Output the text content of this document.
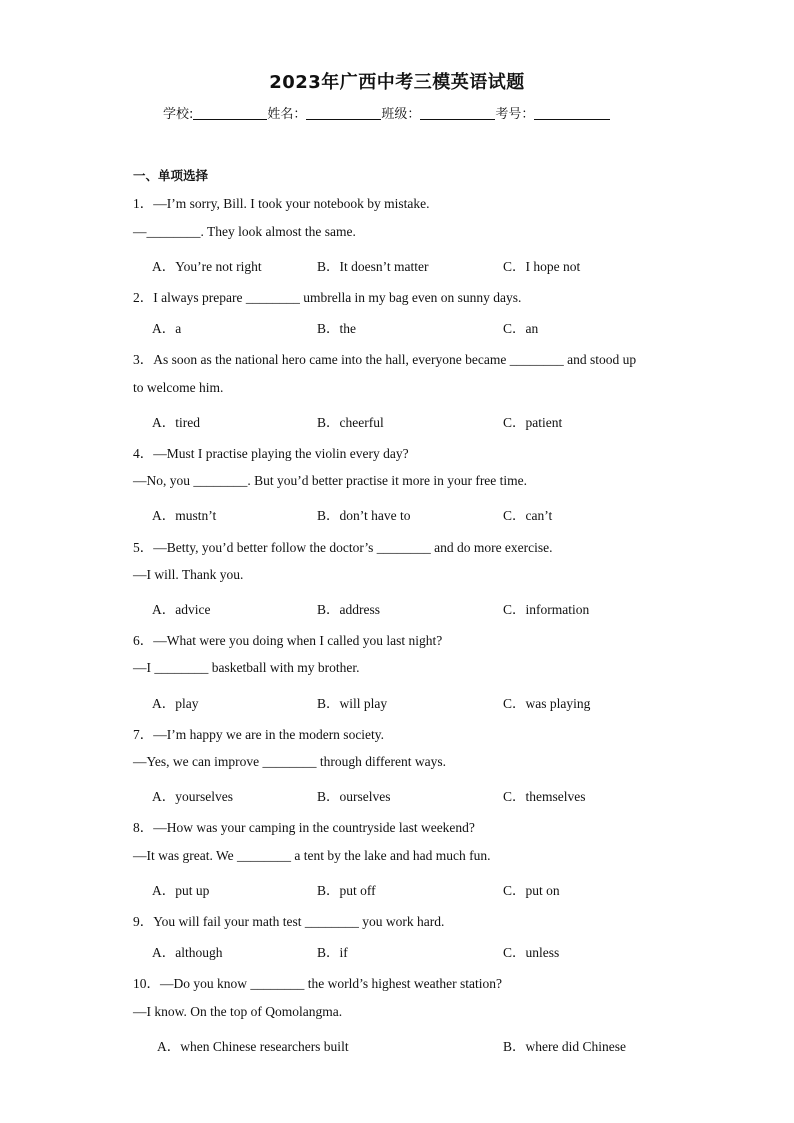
2023年广西中考三模英语试题
学校:	姓名：	班级：	考号：
一、单项选择
1．—I’m sorry, Bill. I took your notebook by mistake.
—________. They look almost the same.
A．You’re not right	B．It doesn’t matter	C．I hope not
2．I always prepare ________ umbrella in my bag even on sunny days.
A．a	B．the	C．an
3．As soon as the national hero came into the hall, everyone became ________ and stood up
to welcome him.
A．tired	B．cheerful	C．patient
4．—Must I practise playing the violin every day?
—No, you ________. But you’d better practise it more in your free time.
A．mustn’t	B．don’t have to	C．can’t
5．—Betty, you’d better follow the doctor’s ________ and do more exercise.
—I will. Thank you.
A．advice	B．address	C．information
6．—What were you doing when I called you last night?
—I ________ basketball with my brother.
A．play	B．will play	C．was playing
7．—I’m happy we are in the modern society.
—Yes, we can improve ________ through different ways.
A．yourselves	B．ourselves	C．themselves
8．—How was your camping in the countryside last weekend?
—It was great. We ________ a tent by the lake and had much fun.
A．put up	B．put off	C．put on
9．You will fail your math test ________ you work hard.
A．although	B．if	C．unless
10．—Do you know ________ the world’s highest weather station?
—I know. On the top of Qomolangma.
A．when Chinese researchers built	B．where did Chinese
